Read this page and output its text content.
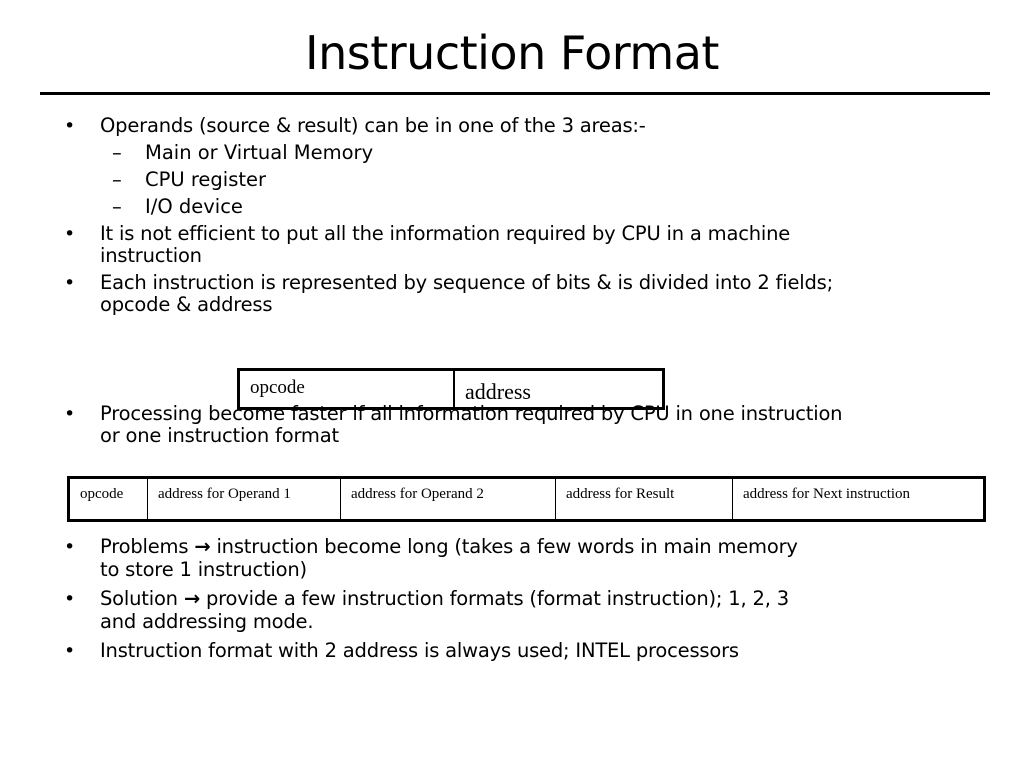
Instruction Format
•	Operands (source & result) can be in one of the 3 areas:-
– Main or Virtual Memory
– CPU register
– I/O device
•	It is not efficient to put all the information required by CPU in a machine
instruction
•	Each instruction is represented by sequence of bits & is divided into 2 fields;
opcode & address
•	Processing become faster if all information required by CPU in one instruction
or one instruction format
opcode	address
opcode	address for Operand 1	address for Operand 2	address for Result	address for Next instruction
•	Problems → instruction become long (takes a few words in main memory
to store 1 instruction)
•	Solution → provide a few instruction formats (format instruction); 1, 2, 3
and addressing mode.
•	Instruction format with 2 address is always used; INTEL processors
